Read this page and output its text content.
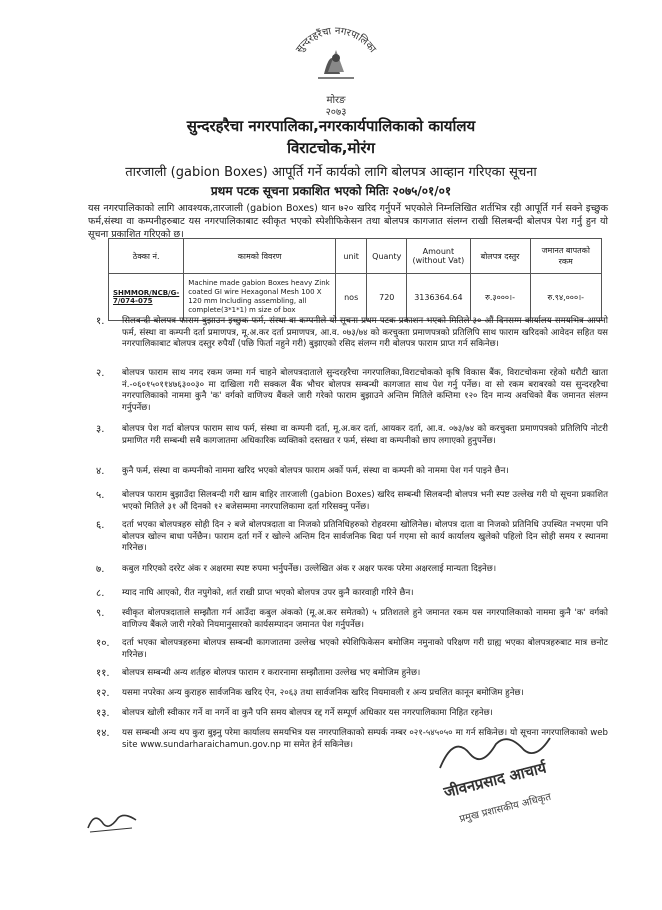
सुन्दरहरैंचा नगरपालिका
मोरङ
२०७३
सुन्दरहरैचा नगरपालिका,नगरकार्यपालिकाको कार्यालय
विराटचोक,मोरंग
तारजाली (gabion Boxes) आपूर्ति गर्ने कार्यको लागि बोलपत्र आव्हान गरिएका सूचना
प्रथम पटक सूचना प्रकाशित भएको मितिः २०७५/०१/०१
यस नगरपालिकाको लागि आवश्यक,तारजाली (gabion Boxes) थान ७२० खरिद गर्नुपर्ने भएकोले निम्नलिखित शर्तभित्र रही आपूर्ति गर्न सक्ने इच्छुक फर्म,संस्था वा कम्पनीहरुबाट यस नगरपालिकाबाट स्वीकृत भएको स्पेशीफिकेसन तथा बोलपत्र कागजात संलग्न राखी सिलबन्दी बोलपत्र पेश गर्नु हुन यो सूचना प्रकाशित गरिएको छ।
ठेक्का नं.	कामको विवरण	unit	Quanty	Amount (without Vat)	बोलपत्र दस्तुर	जमानत बापतको रकम
SHMMOR/NCB/G-7/074-075	Machine made gabion Boxes heavy Zink coated GI wire Hexagonal Mesh 100 X 120 mm Including assembling, all complete(3*1*1) m size of box	nos	720	3136364.64	रु.३०००।-	रु.९४,०००।-
१.	सिलबन्दी बोलपत्र फाराम बुझाउन इच्छुक फर्म, संस्था वा कम्पनीले यो सूचना प्रथम पटक प्रकाशन भएको मितिले ३० औं दिनसम्म कार्यालय समयभित्र आफ्नो फर्म, संस्था वा कम्पनी दर्ता प्रमाणपत्र, मू.अ.कर दर्ता प्रमाणपत्र, आ.व. ०७३/७४ को करचुक्ता प्रमाणपत्रको प्रतिलिपि साथ फाराम खरिदको आवेदन सहित यस नगरपालिकाबाट बोलपत्र दस्तुर रुपैयाँ (पछि फिर्ता नहुने गरी) बुझाएको रसिद संलग्न गरी बोलपत्र फाराम प्राप्त गर्न सकिनेछ।
२.	बोलपत्र फाराम साथ नगद रकम जम्मा गर्न चाहने बोलपत्रदाताले सुन्दरहरैचा नगरपालिका,विराटचोकको कृषि विकास बैंक, विराटचोकमा रहेको धरौटी खाता नं.-०६०१५०११४७६३००३० मा दाखिला गरी सक्कल बैंक भौचर बोलपत्र सम्बन्धी कागजात साथ पेश गर्नु पर्नेछ। वा सो रकम बराबरको यस सुन्दरहरैचा नगरपालिकाको नाममा कुनै 'क' वर्गको वाणिज्य बैंकले जारी गरेको फाराम बुझाउने अन्तिम मितिले कम्तिमा १२० दिन मान्य अवधिको बैंक जमानत संलग्न गर्नुपर्नेछ।
३.	बोलपत्र पेश गर्दा बोलपत्र फाराम साथ फर्म, संस्था वा कम्पनी दर्ता, मू.अ.कर दर्ता, आयकर दर्ता, आ.व. ०७३/७४ को करचुक्ता प्रमाणपत्रको प्रतिलिपि नोटरी प्रमाणित गरी सम्बन्धी सबै कागजातमा अधिकारिक व्यक्तिको दस्तखत र फर्म, संस्था वा कम्पनीको छाप लगाएको हुनुपर्नेछ।
४.	कुनै फर्म, संस्था वा कम्पनीको नाममा खरिद भएको बोलपत्र फाराम अर्को फर्म, संस्था वा कम्पनी को नाममा पेश गर्न पाइने छैन।
५.	बोलपत्र फाराम बुझाउँदा सिलबन्दी गरी खाम बाहिर तारजाली (gabion Boxes) खरिद सम्बन्धी सिलबन्दी बोलपत्र भनी स्पष्ट उल्लेख गरी यो सूचना प्रकाशित भएको मितिले ३१ औं दिनको १२ बजेसम्ममा नगरपालिकामा दर्ता गरिसक्नु पर्नेछ।
६.	दर्ता भएका बोलपत्रहरु सोही दिन २ बजे बोलपत्रदाता वा निजको प्रतिनिधिहरुको रोहवरमा खोलिनेछ। बोलपत्र दाता वा निजको प्रतिनिधि उपस्थित नभएमा पनि बोलपत्र खोल्न बाधा पर्नेछैन। फाराम दर्ता गर्ने र खोल्ने अन्तिम दिन सार्वजनिक बिदा पर्न गएमा सो कार्य कार्यालय खुलेको पहिलो दिन सोही समय र स्थानमा गरिनेछ।
७.	कबुल गरिएको दररेट अंक र अक्षरमा स्पष्ट रुपमा भर्नुपर्नेछ। उल्लेखित अंक र अक्षर फरक परेमा अक्षरलाई मान्यता दिइनेछ।
८.	म्याद नाघि आएको, रीत नपुगेको, शर्त राखी प्राप्त भएको बोलपत्र उपर कुनै कारवाही गरिने छैन।
९.	स्वीकृत बोलपत्रदाताले सम्झौता गर्न आउँदा कबुल अंकको (मू.अ.कर समेतको) ५ प्रतिशतले हुने जमानत रकम यस नगरपालिकाको नाममा कुनै 'क' वर्गको वाणिज्य बैंकले जारी गरेको नियमानुसारको कार्यसम्पादन जमानत पेश गर्नुपर्नेछ।
१०.	दर्ता भएका बोलपत्रहरुमा बोलपत्र सम्बन्धी कागजातमा उल्लेख भएको स्पेशिफिकेसन बमोजिम नमुनाको परिक्षण गरी ग्राह्य भएका बोलपत्रहरुबाट मात्र छनोट गरिनेछ।
११.	बोलपत्र सम्बन्धी अन्य शर्तहरु बोलपत्र फाराम र करारनामा सम्झौतामा उल्लेख भए बमोजिम हुनेछ।
१२.	यसमा नपरेका अन्य कुराहरु सार्वजनिक खरिद ऐन, २०६३ तथा सार्वजनिक खरिद नियमावली र अन्य प्रचलित कानून बमोजिम हुनेछ।
१३.	बोलपत्र खोली स्वीकार गर्ने वा नगर्ने वा कुनै पनि समय बोलपत्र रद्द गर्ने सम्पूर्ण अधिकार यस नगरपालिकामा निहित रहनेछ।
१४.	यस सम्बन्धी अन्य थप कुरा बुझ्नु परेमा कार्यालय समयभित्र यस नगरपालिकाको सम्पर्क नम्बर ०२१-५४५०५० मा गर्न सकिनेछ। यो सूचना नगरपालिकाको web site www.sundarharaichamun.gov.np मा समेत हेर्न सकिनेछ।
जीवनप्रसाद आचार्य
प्रमुख प्रशासकीय अधिकृत
